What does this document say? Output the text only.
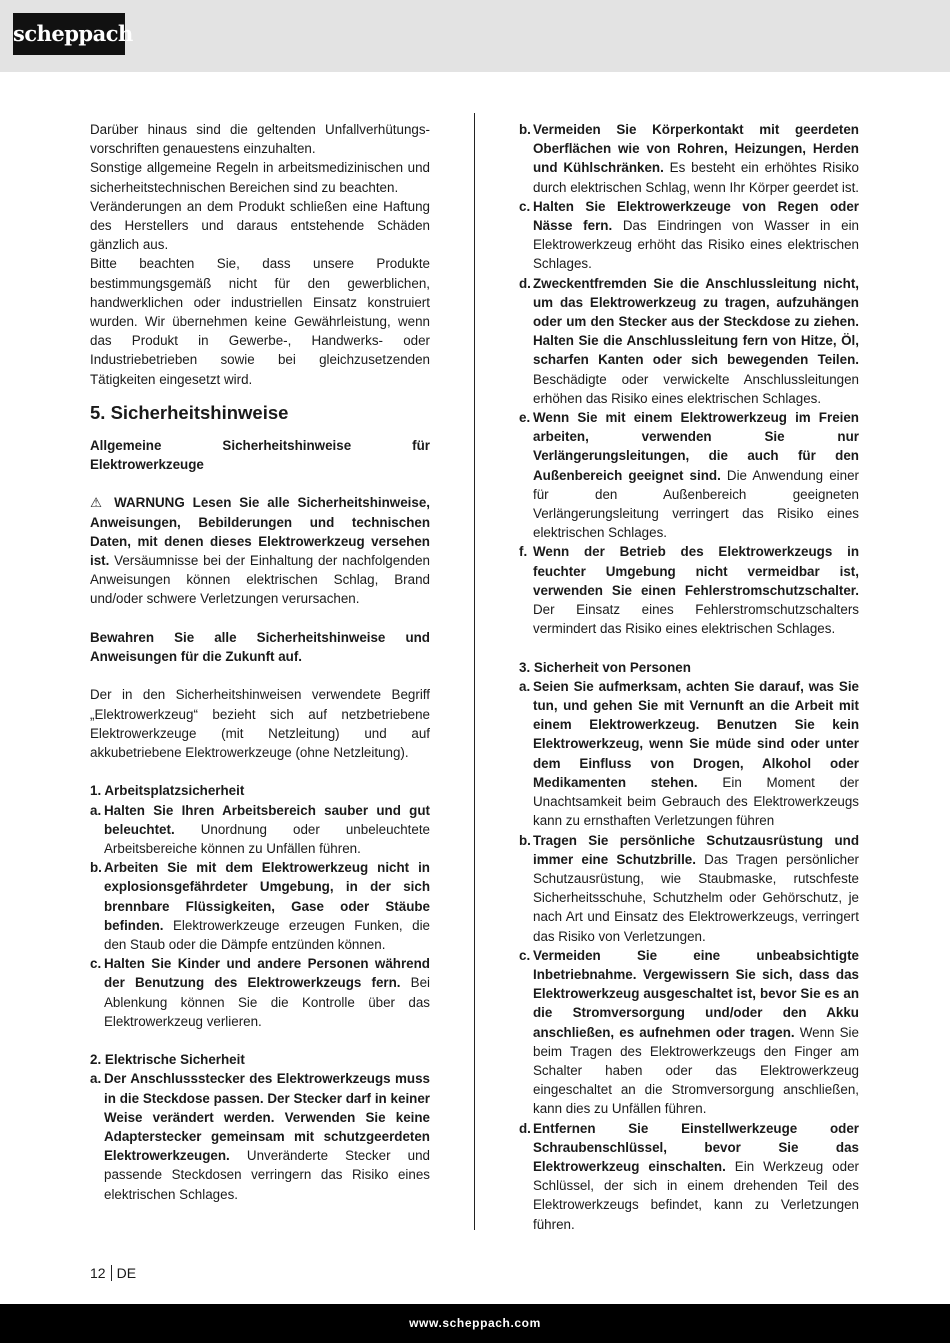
scheppach

Darüber hinaus sind die geltenden Unfallverhütungs-vorschriften genauestens einzuhalten.

Sonstige allgemeine Regeln in arbeitsmedizinischen und sicherheitstechnischen Bereichen sind zu beachten.

Veränderungen an dem Produkt schließen eine Haftung des Herstellers und daraus entstehende Schäden gänzlich aus.

Bitte beachten Sie, dass unsere Produkte bestimmungsgemäß nicht für den gewerblichen, handwerklichen oder industriellen Einsatz konstruiert wurden. Wir übernehmen keine Gewährleistung, wenn das Produkt in Gewerbe-, Handwerks- oder Industriebetrieben sowie bei gleichzusetzenden Tätigkeiten eingesetzt wird.

5. Sicherheitshinweise

Allgemeine Sicherheitshinweise für Elektrowerkzeuge

⚠ WARNUNG Lesen Sie alle Sicherheitshinweise, Anweisungen, Bebilderungen und technischen Daten, mit denen dieses Elektrowerkzeug versehen ist. Versäumnisse bei der Einhaltung der nachfolgenden Anweisungen können elektrischen Schlag, Brand und/oder schwere Verletzungen verursachen.

Bewahren Sie alle Sicherheitshinweise und Anweisungen für die Zukunft auf.

Der in den Sicherheitshinweisen verwendete Begriff „Elektrowerkzeug“ bezieht sich auf netzbetriebene Elektrowerkzeuge (mit Netzleitung) und auf akkubetriebene Elektrowerkzeuge (ohne Netzleitung).

1. Arbeitsplatzsicherheit

a. Halten Sie Ihren Arbeitsbereich sauber und gut beleuchtet. Unordnung oder unbeleuchtete Arbeitsbereiche können zu Unfällen führen.
b. Arbeiten Sie mit dem Elektrowerkzeug nicht in explosionsgefährdeter Umgebung, in der sich brennbare Flüssigkeiten, Gase oder Stäube befinden. Elektrowerkzeuge erzeugen Funken, die den Staub oder die Dämpfe entzünden können.
c. Halten Sie Kinder und andere Personen während der Benutzung des Elektrowerkzeugs fern. Bei Ablenkung können Sie die Kontrolle über das Elektrowerkzeug verlieren.

2. Elektrische Sicherheit

a. Der Anschlussstecker des Elektrowerkzeugs muss in die Steckdose passen. Der Stecker darf in keiner Weise verändert werden. Verwenden Sie keine Adapterstecker gemeinsam mit schutzgeerdeten Elektrowerkzeugen. Unveränderte Stecker und passende Steckdosen verringern das Risiko eines elektrischen Schlages.
b. Vermeiden Sie Körperkontakt mit geerdeten Oberflächen wie von Rohren, Heizungen, Herden und Kühlschränken. Es besteht ein erhöhtes Risiko durch elektrischen Schlag, wenn Ihr Körper geerdet ist.
c. Halten Sie Elektrowerkzeuge von Regen oder Nässe fern. Das Eindringen von Wasser in ein Elektrowerkzeug erhöht das Risiko eines elektrischen Schlages.
d. Zweckentfremden Sie die Anschlussleitung nicht, um das Elektrowerkzeug zu tragen, aufzuhängen oder um den Stecker aus der Steckdose zu ziehen. Halten Sie die Anschlussleitung fern von Hitze, Öl, scharfen Kanten oder sich bewegenden Teilen. Beschädigte oder verwickelte Anschlussleitungen erhöhen das Risiko eines elektrischen Schlages.
e. Wenn Sie mit einem Elektrowerkzeug im Freien arbeiten, verwenden Sie nur Verlängerungsleitungen, die auch für den Außenbereich geeignet sind. Die Anwendung einer für den Außenbereich geeigneten Verlängerungsleitung verringert das Risiko eines elektrischen Schlages.
f. Wenn der Betrieb des Elektrowerkzeugs in feuchter Umgebung nicht vermeidbar ist, verwenden Sie einen Fehlerstromschutzschalter. Der Einsatz eines Fehlerstromschutzschalters vermindert das Risiko eines elektrischen Schlages.

3. Sicherheit von Personen

a. Seien Sie aufmerksam, achten Sie darauf, was Sie tun, und gehen Sie mit Vernunft an die Arbeit mit einem Elektrowerkzeug. Benutzen Sie kein Elektrowerkzeug, wenn Sie müde sind oder unter dem Einfluss von Drogen, Alkohol oder Medikamenten stehen. Ein Moment der Unachtsamkeit beim Gebrauch des Elektrowerkzeugs kann zu ernsthaften Verletzungen führen
b. Tragen Sie persönliche Schutzausrüstung und immer eine Schutzbrille. Das Tragen persönlicher Schutzausrüstung, wie Staubmaske, rutschfeste Sicherheitsschuhe, Schutzhelm oder Gehörschutz, je nach Art und Einsatz des Elektrowerkzeugs, verringert das Risiko von Verletzungen.
c. Vermeiden Sie eine unbeabsichtigte Inbetriebnahme. Vergewissern Sie sich, dass das Elektrowerkzeug ausgeschaltet ist, bevor Sie es an die Stromversorgung und/oder den Akku anschließen, es aufnehmen oder tragen. Wenn Sie beim Tragen des Elektrowerkzeugs den Finger am Schalter haben oder das Elektrowerkzeug eingeschaltet an die Stromversorgung anschließen, kann dies zu Unfällen führen.
d. Entfernen Sie Einstellwerkzeuge oder Schraubenschlüssel, bevor Sie das Elektrowerkzeug einschalten. Ein Werkzeug oder Schlüssel, der sich in einem drehenden Teil des Elektrowerkzeugs befindet, kann zu Verletzungen führen.
12 DE
www.scheppach.com
